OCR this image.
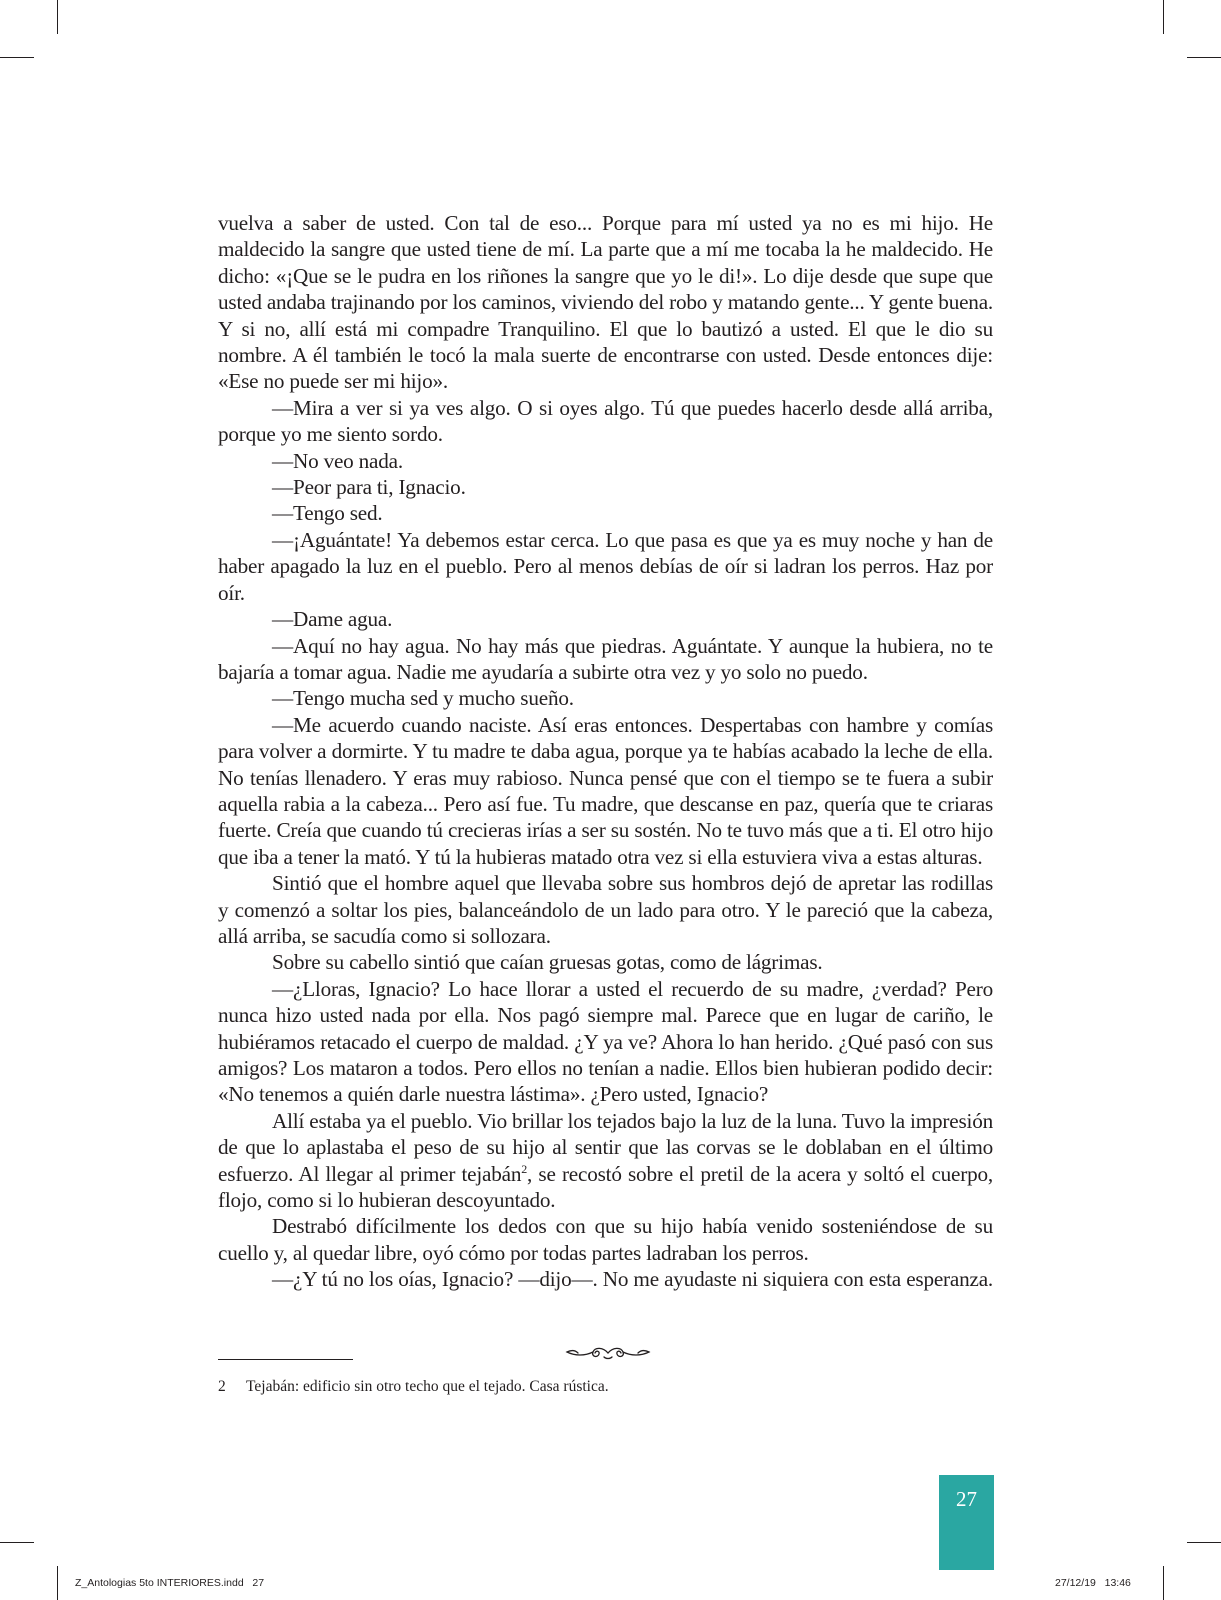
vuelva a saber de usted. Con tal de eso... Porque para mí usted ya no es mi hijo. He maldecido la sangre que usted tiene de mí. La parte que a mí me tocaba la he maldecido. He dicho: «¡Que se le pudra en los riñones la sangre que yo le di!». Lo dije desde que supe que usted andaba trajinando por los caminos, viviendo del robo y matando gente... Y gente buena. Y si no, allí está mi compadre Tranquilino. El que lo bautizó a usted. El que le dio su nombre. A él también le tocó la mala suerte de encontrarse con usted. Desde entonces dije: «Ese no puede ser mi hijo».

—Mira a ver si ya ves algo. O si oyes algo. Tú que puedes hacerlo desde allá arriba, porque yo me siento sordo.

—No veo nada.

—Peor para ti, Ignacio.

—Tengo sed.

—¡Aguántate! Ya debemos estar cerca. Lo que pasa es que ya es muy noche y han de haber apagado la luz en el pueblo. Pero al menos debías de oír si ladran los perros. Haz por oír.

—Dame agua.

—Aquí no hay agua. No hay más que piedras. Aguántate. Y aunque la hubiera, no te bajaría a tomar agua. Nadie me ayudaría a subirte otra vez y yo solo no puedo.

—Tengo mucha sed y mucho sueño.

—Me acuerdo cuando naciste. Así eras entonces. Despertabas con hambre y comías para volver a dormirte. Y tu madre te daba agua, porque ya te habías acabado la leche de ella. No tenías llenadero. Y eras muy rabioso. Nunca pensé que con el tiempo se te fuera a subir aquella rabia a la cabeza... Pero así fue. Tu madre, que descanse en paz, quería que te criaras fuerte. Creía que cuando tú crecieras irías a ser su sostén. No te tuvo más que a ti. El otro hijo que iba a tener la mató. Y tú la hubieras matado otra vez si ella estuviera viva a estas alturas.

Sintió que el hombre aquel que llevaba sobre sus hombros dejó de apretar las rodillas y comenzó a soltar los pies, balanceándolo de un lado para otro. Y le pareció que la cabeza, allá arriba, se sacudía como si sollozara.

Sobre su cabello sintió que caían gruesas gotas, como de lágrimas.

—¿Lloras, Ignacio? Lo hace llorar a usted el recuerdo de su madre, ¿verdad? Pero nunca hizo usted nada por ella. Nos pagó siempre mal. Parece que en lugar de cariño, le hubiéramos retacado el cuerpo de maldad. ¿Y ya ve? Ahora lo han herido. ¿Qué pasó con sus amigos? Los mataron a todos. Pero ellos no tenían a nadie. Ellos bien hubieran podido decir: «No tenemos a quién darle nuestra lástima». ¿Pero usted, Ignacio?

Allí estaba ya el pueblo. Vio brillar los tejados bajo la luz de la luna. Tuvo la impresión de que lo aplastaba el peso de su hijo al sentir que las corvas se le doblaban en el último esfuerzo. Al llegar al primer tejabán$^2$, se recostó sobre el pretil de la acera y soltó el cuerpo, flojo, como si lo hubieran descoyuntado.

Destrabó difícilmente los dedos con que su hijo había venido sosteniéndose de su cuello y, al quedar libre, oyó cómo por todas partes ladraban los perros.

—¿Y tú no los oías, Ignacio? —dijo—. No me ayudaste ni siquiera con esta esperanza.

2 Tejabán: edificio sin otro techo que el tejado. Casa rústica.
27
Z_Antologias 5to INTERIORES.indd   27	27/12/19   13:46
